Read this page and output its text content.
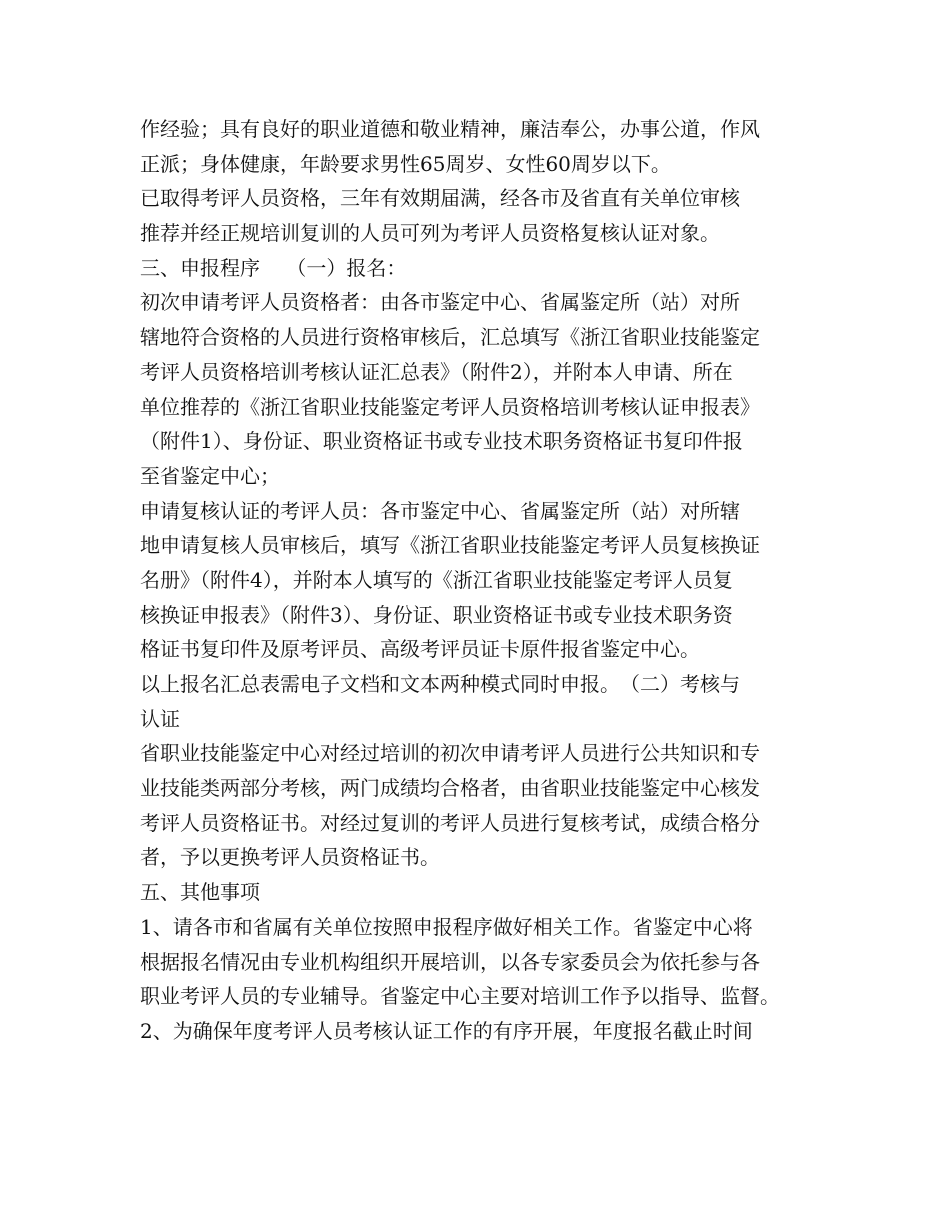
作经验；具有良好的职业道德和敬业精神，廉洁奉公，办事公道，作风
正派；身体健康，年龄要求男性65周岁、女性60周岁以下。
已取得考评人员资格，三年有效期届满，经各市及省直有关单位审核
推荐并经正规培训复训的人员可列为考评人员资格复核认证对象。
三、申报程序　 （一）报名：
初次申请考评人员资格者：由各市鉴定中心、省属鉴定所（站）对所
辖地符合资格的人员进行资格审核后，汇总填写《浙江省职业技能鉴定
考评人员资格培训考核认证汇总表》（附件2），并附本人申请、所在
单位推荐的《浙江省职业技能鉴定考评人员资格培训考核认证申报表》
（附件1）、身份证、职业资格证书或专业技术职务资格证书复印件报
至省鉴定中心；
申请复核认证的考评人员：各市鉴定中心、省属鉴定所（站）对所辖
地申请复核人员审核后，填写《浙江省职业技能鉴定考评人员复核换证
名册》（附件4），并附本人填写的《浙江省职业技能鉴定考评人员复
核换证申报表》（附件3）、身份证、职业资格证书或专业技术职务资
格证书复印件及原考评员、高级考评员证卡原件报省鉴定中心。
以上报名汇总表需电子文档和文本两种模式同时申报。　（二）考核与
认证
省职业技能鉴定中心对经过培训的初次申请考评人员进行公共知识和专
业技能类两部分考核，两门成绩均合格者，由省职业技能鉴定中心核发
考评人员资格证书。对经过复训的考评人员进行复核考试，成绩合格分
者，予以更换考评人员资格证书。
五、其他事项
1、请各市和省属有关单位按照申报程序做好相关工作。省鉴定中心将
根据报名情况由专业机构组织开展培训，以各专家委员会为依托参与各
职业考评人员的专业辅导。省鉴定中心主要对培训工作予以指导、监督。
2、为确保年度考评人员考核认证工作的有序开展，年度报名截止时间
